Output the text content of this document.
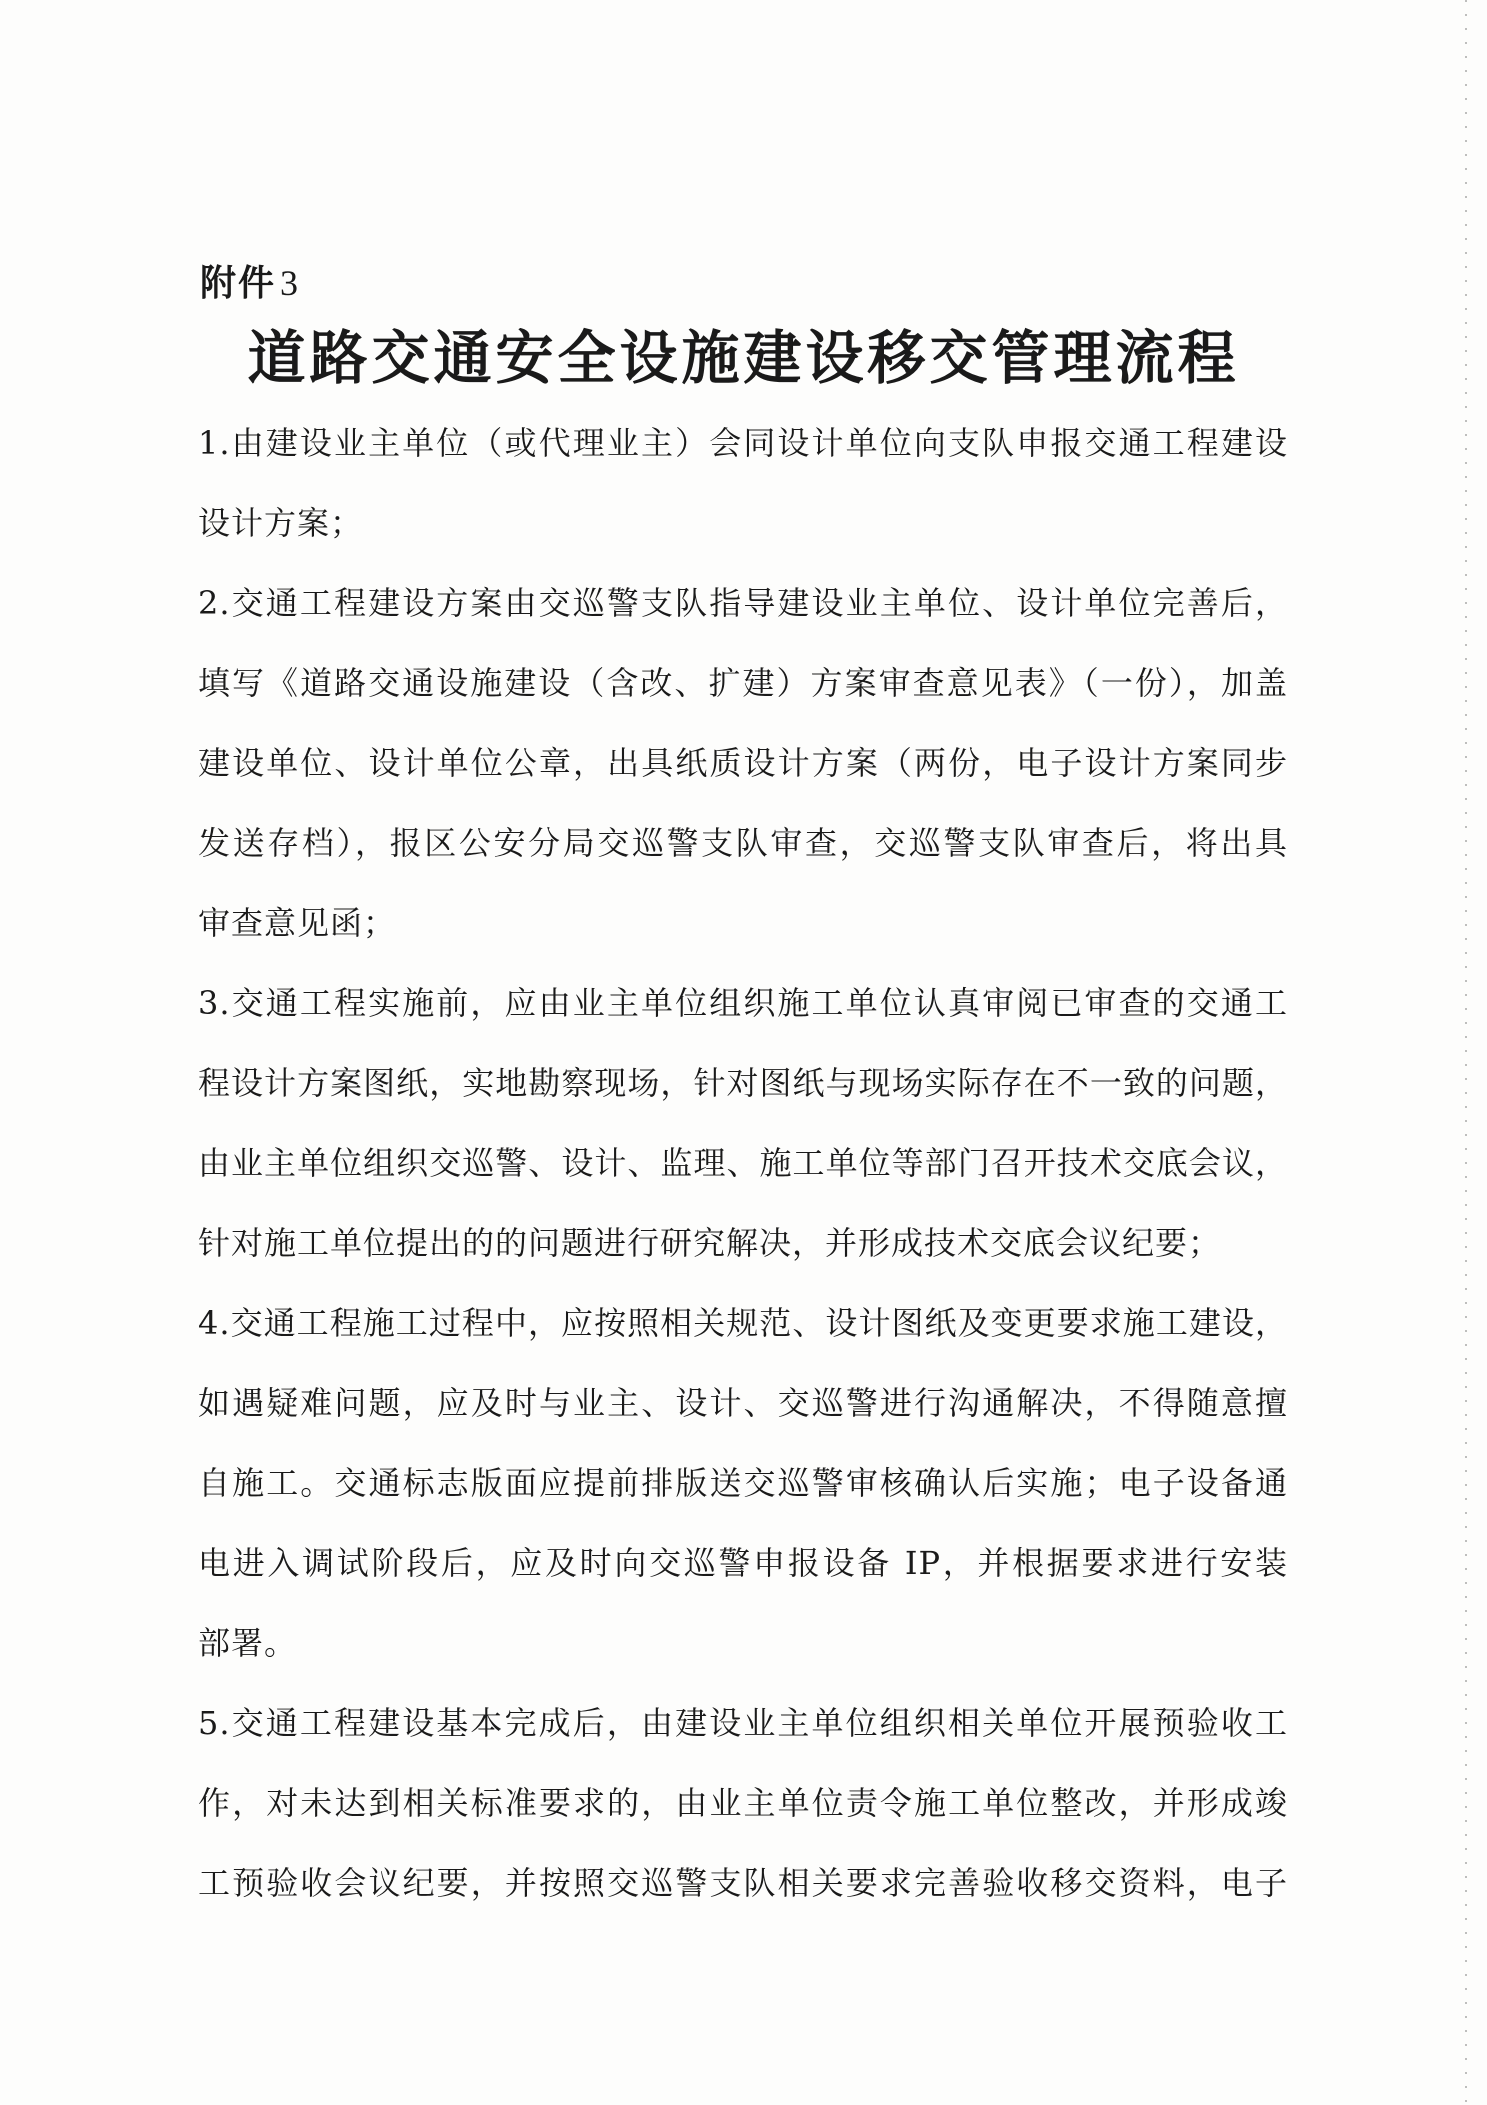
附件 3
道路交通安全设施建设移交管理流程
1.由建设业主单位（或代理业主）会同设计单位向支队申报交通工程建设
设计方案；
2.交通工程建设方案由交巡警支队指导建设业主单位、设计单位完善后，
填写《道路交通设施建设（含改、扩建）方案审查意见表》（一份），加盖
建设单位、设计单位公章，出具纸质设计方案（两份，电子设计方案同步
发送存档），报区公安分局交巡警支队审查，交巡警支队审查后，将出具
审查意见函；
3.交通工程实施前，应由业主单位组织施工单位认真审阅已审查的交通工
程设计方案图纸，实地勘察现场，针对图纸与现场实际存在不一致的问题，
由业主单位组织交巡警、设计、监理、施工单位等部门召开技术交底会议，
针对施工单位提出的的问题进行研究解决，并形成技术交底会议纪要；
4.交通工程施工过程中，应按照相关规范、设计图纸及变更要求施工建设，
如遇疑难问题，应及时与业主、设计、交巡警进行沟通解决，不得随意擅
自施工。交通标志版面应提前排版送交巡警审核确认后实施；电子设备通
电进入调试阶段后，应及时向交巡警申报设备 IP，并根据要求进行安装
部署。
5.交通工程建设基本完成后，由建设业主单位组织相关单位开展预验收工
作，对未达到相关标准要求的，由业主单位责令施工单位整改，并形成竣
工预验收会议纪要，并按照交巡警支队相关要求完善验收移交资料，电子
